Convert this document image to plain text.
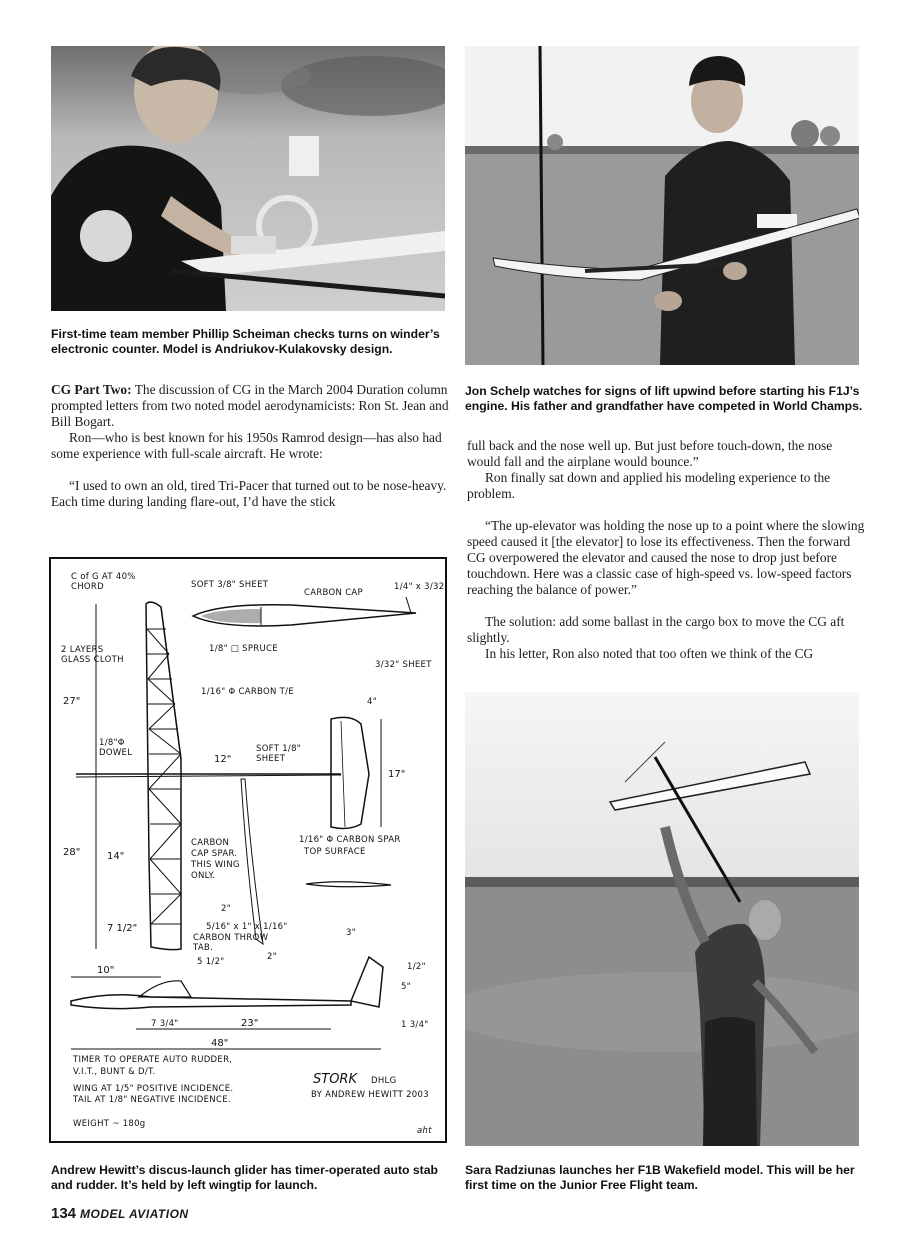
First-time team member Phillip Scheiman checks turns on winder’s electronic counter. Model is Andriukov-Kulakovsky design.
Jon Schelp watches for signs of lift upwind before starting his F1J’s engine. His father and grandfather have competed in World Champs.

CG Part Two: The discussion of CG in the March 2004 Duration column prompted letters from two noted model aerodynamicists: Ron St. Jean and Bill Bogart.

Ron—who is best known for his 1950s Ramrod design—has also had some experience with full-scale aircraft. He wrote:

“I used to own an old, tired Tri-Pacer that turned out to be nose-heavy. Each time during landing flare-out, I’d have the stick

full back and the nose well up. But just before touch-down, the nose would fall and the airplane would bounce.”

Ron finally sat down and applied his modeling experience to the problem.

“The up-elevator was holding the nose up to a point where the slowing speed caused it [the elevator] to lose its effectiveness. Then the forward CG overpowered the elevator and caused the nose to drop just before touchdown. Here was a classic case of high-speed vs. low-speed factors reaching the balance of power.”

The solution: add some ballast in the cargo box to move the CG aft slightly.

In his letter, Ron also noted that too often we think of the CG

C of G AT 40%
CHORD	SOFT 3/8" SHEET
CARBON CAP
1/4" x 3/32"
2 LAYERS
GLASS CLOTH
1/8" □ SPRUCE
3/32" SHEET
27"
1/16" Φ CARBON T/E
4"
1/8"Φ
DOWEL
12"
SOFT 1/8"
SHEET
17"
1/16" Φ CARBON SPAR
TOP SURFACE
28"	14"
CARBON
CAP SPAR.
THIS WING
ONLY.
2"
5/16" x 1" x 1/16"
CARBON THROW
TAB.
7 1/2"
5 1/2"	2"
3"
1/2"
10"
5"
7 3/4"	23"	1 3/4"
48"
TIMER TO OPERATE AUTO RUDDER,
V.I.T., BUNT & D/T.
WING AT 1/5" POSITIVE INCIDENCE.
TAIL AT 1/8" NEGATIVE INCIDENCE.
WEIGHT ~ 180g
STORK DHLG
BY ANDREW HEWITT 2003
aht
Andrew Hewitt’s discus-launch glider has timer-operated auto stab and rudder. It’s held by left wingtip for launch.
Sara Radziunas launches her F1B Wakefield model. This will be her first time on the Junior Free Flight team.
134 MODEL AVIATION
